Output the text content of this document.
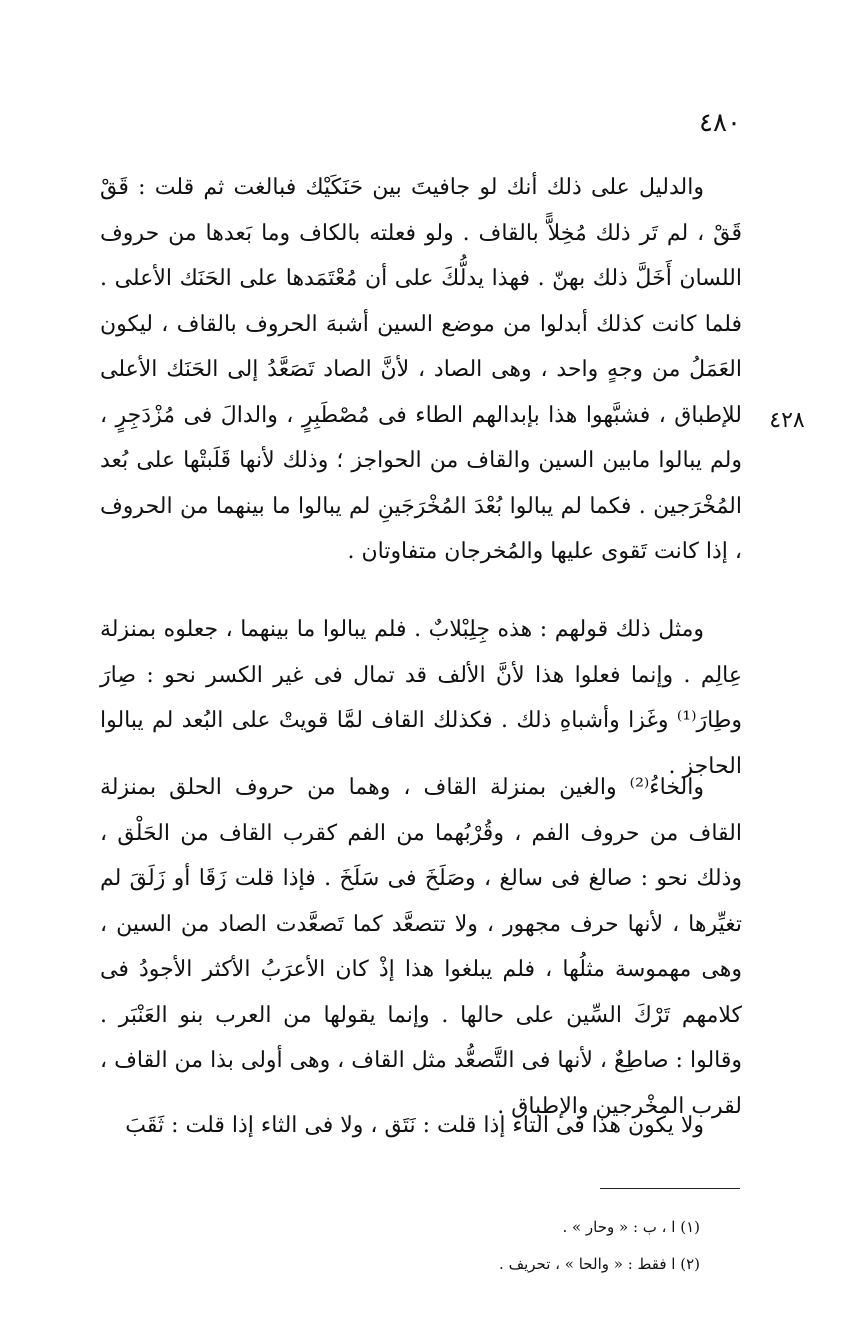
٤٨٠
٤٢٨

والدليل على ذلك أنك لو جافيتَ بين حَنَكَيْك فبالغت ثم قلت : قَقْ قَقْ ، لم تَر ذلك مُخِلاًّ بالقاف . ولو فعلته بالكاف وما بَعدها من حروف اللسان أَخَلَّ ذلك بهنّ . فهذا يدلُّكَ على أن مُعْتَمَدها على الحَنَك الأعلى . فلما كانت كذلك أبدلوا من موضع السين أشبهَ الحروف بالقاف ، ليكون العَمَلُ من وجهٍ واحد ، وهى الصاد ، لأنَّ الصاد تَصَعَّدُ إلى الحَنَك الأعلى للإطباق ، فشبَّهوا هذا بإبدالهم الطاء فى مُصْطَبِرٍ ، والدالَ فى مُزْدَجِرٍ ، ولم يبالوا مابين السين والقاف من الحواجز ؛ وذلك لأنها قَلَبتْها على بُعد المُخْرَجين . فكما لم يبالوا بُعْدَ المُخْرَجَينِ لم يبالوا ما بينهما من الحروف ، إذا كانت تَقوى عليها والمُخرجان متفاوتان .

ومثل ذلك قولهم : هذه جِلِبْلابٌ . فلم يبالوا ما بينهما ، جعلوه بمنزلة عِالِم . وإنما فعلوا هذا لأنَّ الألف قد تمال فى غير الكسر نحو : صِارَ وطِارَ⁽¹⁾ وغَزا وأشباهِ ذلك . فكذلك القاف لمَّا قويتْ على البُعد لم يبالوا الحاجز .

والخاءُ⁽²⁾ والغين بمنزلة القاف ، وهما من حروف الحلق بمنزلة القاف من حروف الفم ، وقُرْبُهما من الفم كقرب القاف من الحَلْق ، وذلك نحو : صالغ فى سالغ ، وصَلَخَ فى سَلَخَ . فإذا قلت زَقَا أو زَلَقَ لم تغيِّرها ، لأنها حرف مجهور ، ولا تتصعَّد كما تَصعَّدت الصاد من السين ، وهى مهموسة مثلُها ، فلم يبلغوا هذا إذْ كان الأعرَبُ الأكثر الأجودُ فى كلامهم تَرْكَ السِّين على حالها . وإنما يقولها من العرب بنو العَنْبَر . وقالوا : صاطِعٌ ، لأنها فى التَّصعُّد مثل القاف ، وهى أولى بذا من القاف ، لقرب المخْرجين والإطباق .

ولا يكون هذا فى التاء إذا قلت : نَتَق ، ولا فى الثاء إذا قلت : ثَقَبَ

(١) ا ، ب : « وحار » .
(٢) ا فقط : « والحا » ، تحريف .
